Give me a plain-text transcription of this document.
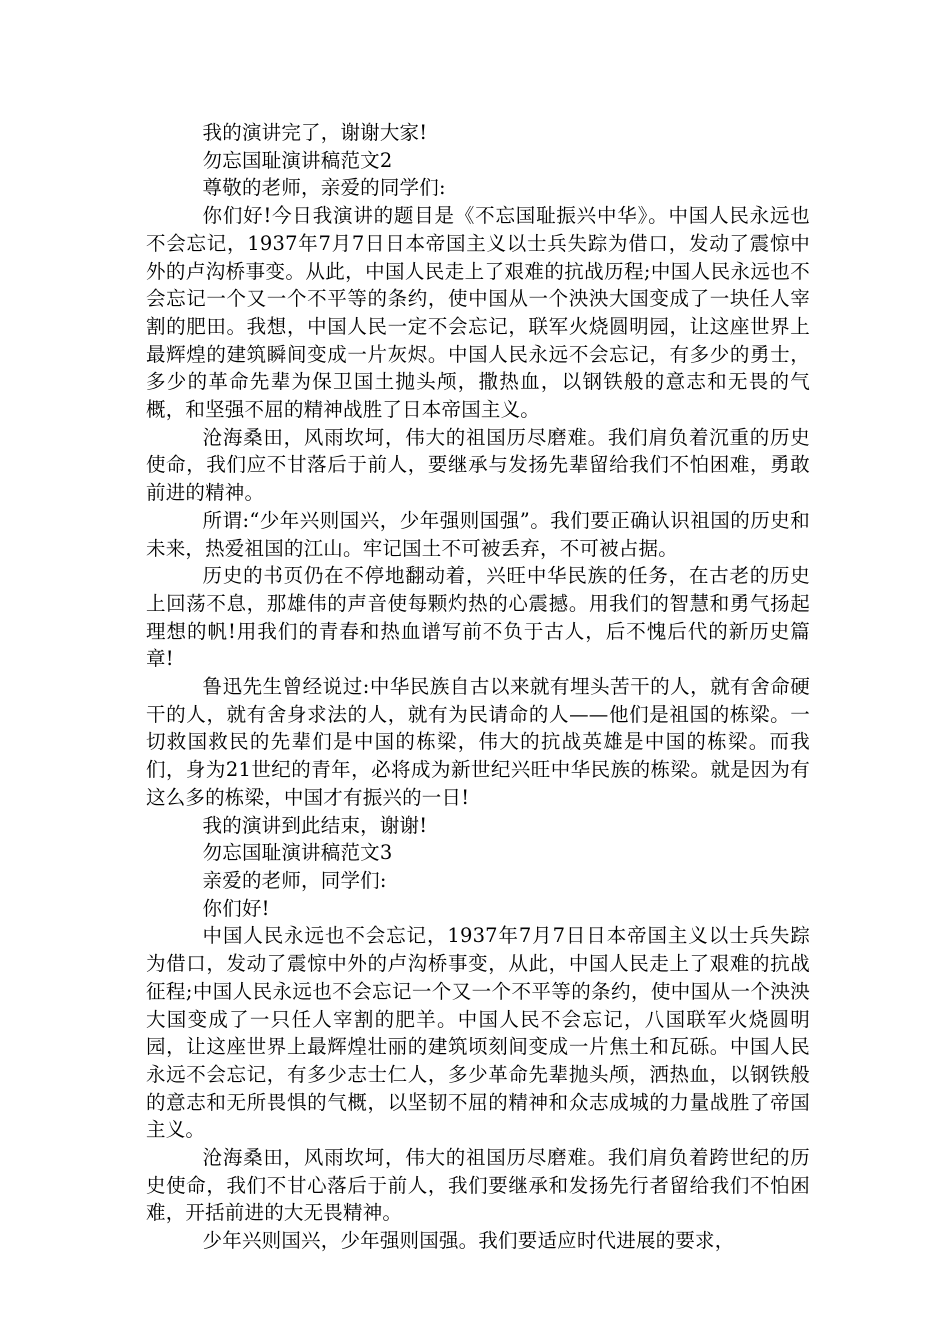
我的演讲完了，谢谢大家!

勿忘国耻演讲稿范文2

尊敬的老师，亲爱的同学们:

你们好!今日我演讲的题目是《不忘国耻振兴中华》。中国人民永远也不会忘记，1937年7月7日日本帝国主义以士兵失踪为借口，发动了震惊中外的卢沟桥事变。从此，中国人民走上了艰难的抗战历程;中国人民永远也不会忘记一个又一个不平等的条约，使中国从一个泱泱大国变成了一块任人宰割的肥田。我想，中国人民一定不会忘记，联军火烧圆明园，让这座世界上最辉煌的建筑瞬间变成一片灰烬。中国人民永远不会忘记，有多少的勇士，多少的革命先辈为保卫国土抛头颅，撒热血，以钢铁般的意志和无畏的气概，和坚强不屈的精神战胜了日本帝国主义。

沧海桑田，风雨坎坷，伟大的祖国历尽磨难。我们肩负着沉重的历史使命，我们应不甘落后于前人，要继承与发扬先辈留给我们不怕困难，勇敢前进的精神。

所谓:“少年兴则国兴，少年强则国强”。我们要正确认识祖国的历史和未来，热爱祖国的江山。牢记国土不可被丢弃，不可被占据。

历史的书页仍在不停地翻动着，兴旺中华民族的任务，在古老的历史上回荡不息，那雄伟的声音使每颗灼热的心震撼。用我们的智慧和勇气扬起理想的帆!用我们的青春和热血谱写前不负于古人，后不愧后代的新历史篇章!

鲁迅先生曾经说过:中华民族自古以来就有埋头苦干的人，就有舍命硬干的人，就有舍身求法的人，就有为民请命的人——他们是祖国的栋梁。一切救国救民的先辈们是中国的栋梁，伟大的抗战英雄是中国的栋梁。而我们，身为21世纪的青年，必将成为新世纪兴旺中华民族的栋梁。就是因为有这么多的栋梁，中国才有振兴的一日!

我的演讲到此结束，谢谢!

勿忘国耻演讲稿范文3

亲爱的老师，同学们:

你们好!

中国人民永远也不会忘记，1937年7月7日日本帝国主义以士兵失踪为借口，发动了震惊中外的卢沟桥事变，从此，中国人民走上了艰难的抗战征程;中国人民永远也不会忘记一个又一个不平等的条约，使中国从一个泱泱大国变成了一只任人宰割的肥羊。中国人民不会忘记，八国联军火烧圆明园，让这座世界上最辉煌壮丽的建筑顷刻间变成一片焦土和瓦砾。中国人民永远不会忘记，有多少志士仁人，多少革命先辈抛头颅，洒热血，以钢铁般的意志和无所畏惧的气概，以坚韧不屈的精神和众志成城的力量战胜了帝国主义。

沧海桑田，风雨坎坷，伟大的祖国历尽磨难。我们肩负着跨世纪的历史使命，我们不甘心落后于前人，我们要继承和发扬先行者留给我们不怕困难，开括前进的大无畏精神。

少年兴则国兴，少年强则国强。我们要适应时代进展的要求，
